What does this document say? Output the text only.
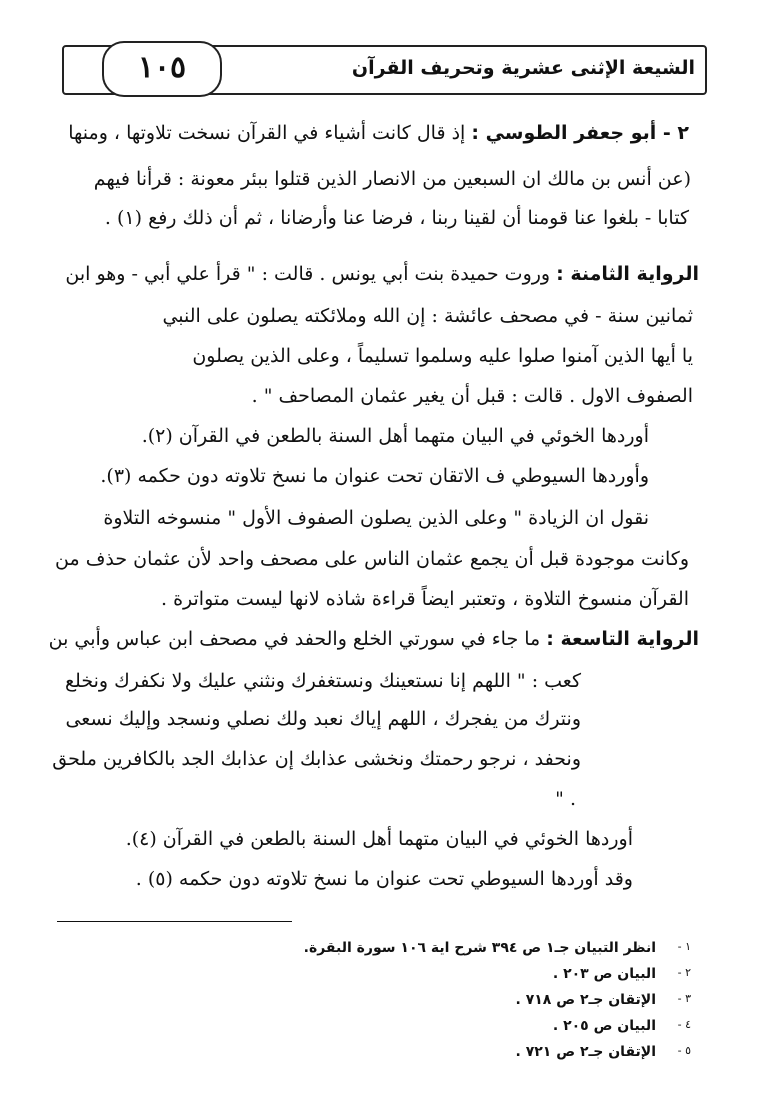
الشيعة الإثنى عشرية وتحريف القرآن
١٠٥
٢ - أبو جعفر الطوسي : إذ قال كانت أشياء في القرآن نسخت تلاوتها ، ومنها
(عن أنس بن مالك ان السبعين من الانصار الذين قتلوا ببئر معونة : قرأنا فيهم
كتابا - بلغوا عنا قومنا أن لقينا ربنا ، فرضا عنا وأرضانا ، ثم أن ذلك رفع (١) .
الرواية الثامنة : وروت حميدة بنت أبي يونس . قالت : " قرأ علي أبي - وهو ابن
ثمانين سنة - في مصحف عائشة : إن الله وملائكته يصلون على النبي
يا أيها الذين آمنوا صلوا عليه وسلموا تسليماً ، وعلى الذين يصلون
الصفوف الاول . قالت : قبل أن يغير عثمان المصاحف " .
أوردها الخوئي في البيان متهما أهل السنة بالطعن في القرآن (٢).
وأوردها السيوطي ف الاتقان تحت عنوان ما نسخ تلاوته دون حكمه (٣).
نقول ان الزيادة " وعلى الذين يصلون الصفوف الأول " منسوخه التلاوة
وكانت موجودة قبل أن يجمع عثمان الناس على مصحف واحد لأن عثمان حذف من
القرآن منسوخ التلاوة ، وتعتبر ايضاً قراءة شاذه لانها ليست متواترة .
الرواية التاسعة : ما جاء في سورتي الخلع والحفد في مصحف ابن عباس وأبي بن
كعب : " اللهم إنا نستعينك ونستغفرك ونثني عليك ولا نكفرك ونخلع
ونترك من يفجرك ، اللهم إياك نعبد ولك نصلي ونسجد وإليك نسعى
ونحفد ، نرجو رحمتك ونخشى عذابك إن عذابك الجد بالكافرين ملحق
" .
أوردها الخوئي في البيان متهما أهل السنة بالطعن في القرآن (٤).
وقد أوردها السيوطي تحت عنوان ما نسخ تلاوته دون حكمه (٥) .
١ -
انظر التبيان جـ١ ص ٣٩٤ شرح اية ١٠٦ سورة البقرة.
٢ -
البيان ص ٢٠٣ .
٣ -
الإتقان جـ٢ ص ٧١٨ .
٤ -
البيان ص ٢٠٥ .
٥ -
الإتقان جـ٢ ص ٧٢١ .
